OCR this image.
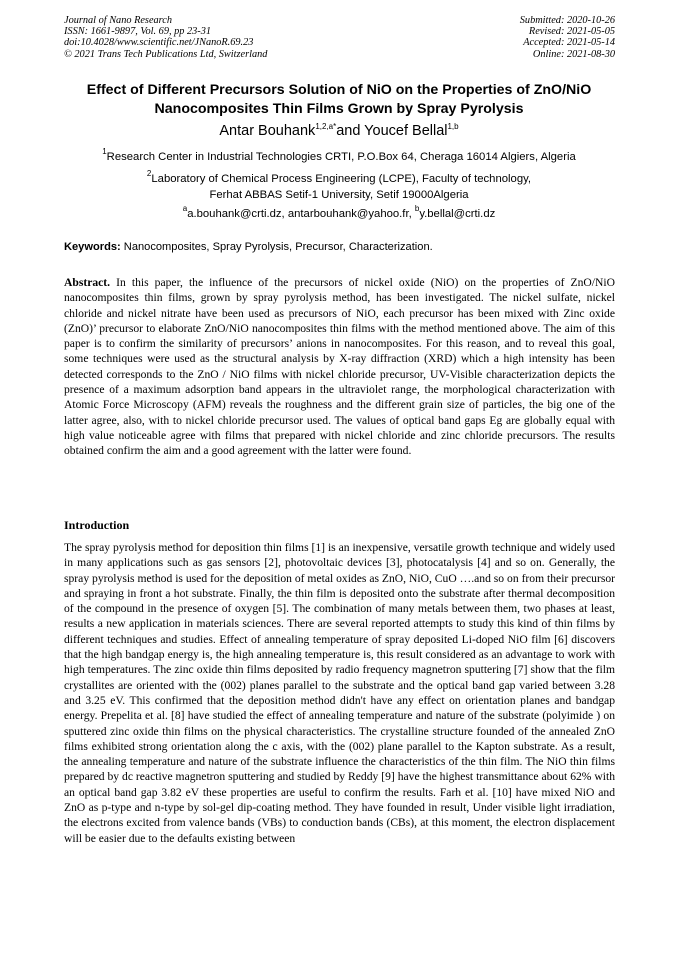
Journal of Nano Research
ISSN: 1661-9897, Vol. 69, pp 23-31
doi:10.4028/www.scientific.net/JNanoR.69.23
© 2021 Trans Tech Publications Ltd, Switzerland
Submitted: 2020-10-26
Revised: 2021-05-05
Accepted: 2021-05-14
Online: 2021-08-30
Effect of Different Precursors Solution of NiO on the Properties of ZnO/NiO Nanocomposites Thin Films Grown by Spray Pyrolysis
Antar Bouhank$^{1,2,a*}$and Youcef Bellal$^{1,b}$
$^1$Research Center in Industrial Technologies CRTI, P.O.Box 64, Cheraga 16014 Algiers, Algeria
$^2$Laboratory of Chemical Process Engineering (LCPE), Faculty of technology,
Ferhat ABBAS Setif-1 University, Setif 19000Algeria
$^a$a.bouhank@crti.dz, antarbouhank@yahoo.fr, $^b$y.bellal@crti.dz
Keywords: Nanocomposites, Spray Pyrolysis, Precursor, Characterization.
Abstract. In this paper, the influence of the precursors of nickel oxide (NiO) on the properties of ZnO/NiO nanocomposites thin films, grown by spray pyrolysis method, has been investigated. The nickel sulfate, nickel chloride and nickel nitrate have been used as precursors of NiO, each precursor has been mixed with Zinc oxide (ZnO)’ precursor to elaborate ZnO/NiO nanocomposites thin films with the method mentioned above. The aim of this paper is to confirm the similarity of precursors’ anions in nanocomposites. For this reason, and to reveal this goal, some techniques were used as the structural analysis by X-ray diffraction (XRD) which a high intensity has been detected corresponds to the ZnO / NiO films with nickel chloride precursor, UV-Visible characterization depicts the presence of a maximum adsorption band appears in the ultraviolet range, the morphological characterization with Atomic Force Microscopy (AFM) reveals the roughness and the different grain size of particles, the big one of the latter agree, also, with to nickel chloride precursor used. The values of optical band gaps Eg are globally equal with high value noticeable agree with films that prepared with nickel chloride and zinc chloride precursors. The results obtained confirm the aim and a good agreement with the latter were found.
Introduction
The spray pyrolysis method for deposition thin films [1] is an inexpensive, versatile growth technique and widely used in many applications such as gas sensors [2], photovoltaic devices [3], photocatalysis [4] and so on. Generally, the spray pyrolysis method is used for the deposition of metal oxides as ZnO, NiO, CuO ….and so on from their precursor and spraying in front a hot substrate. Finally, the thin film is deposited onto the substrate after thermal decomposition of the compound in the presence of oxygen [5]. The combination of many metals between them, two phases at least, results a new application in materials sciences. There are several reported attempts to study this kind of thin films by different techniques and studies. Effect of annealing temperature of spray deposited Li-doped NiO film [6] discovers that the high bandgap energy is, the high annealing temperature is, this result considered as an advantage to work with high temperatures. The zinc oxide thin films deposited by radio frequency magnetron sputtering [7] show that the film crystallites are oriented with the (002) planes parallel to the substrate and the optical band gap varied between 3.28 and 3.25 eV. This confirmed that the deposition method didn't have any effect on orientation planes and bandgap energy. Prepelita et al. [8] have studied the effect of annealing temperature and nature of the substrate (polyimide ) on sputtered zinc oxide thin films on the physical characteristics. The crystalline structure founded of the annealed ZnO films exhibited strong orientation along the c axis, with the (002) plane parallel to the Kapton substrate. As a result, the annealing temperature and nature of the substrate influence the characteristics of the thin film. The NiO thin films prepared by dc reactive magnetron sputtering and studied by Reddy [9] have the highest transmittance about 62% with an optical band gap 3.82 eV these properties are useful to confirm the results. Farh et al. [10] have mixed NiO and ZnO as p-type and n-type by sol-gel dip-coating method. They have founded in result, Under visible light irradiation, the electrons excited from valence bands (VBs) to conduction bands (CBs), at this moment, the electron displacement will be easier due to the defaults existing between
